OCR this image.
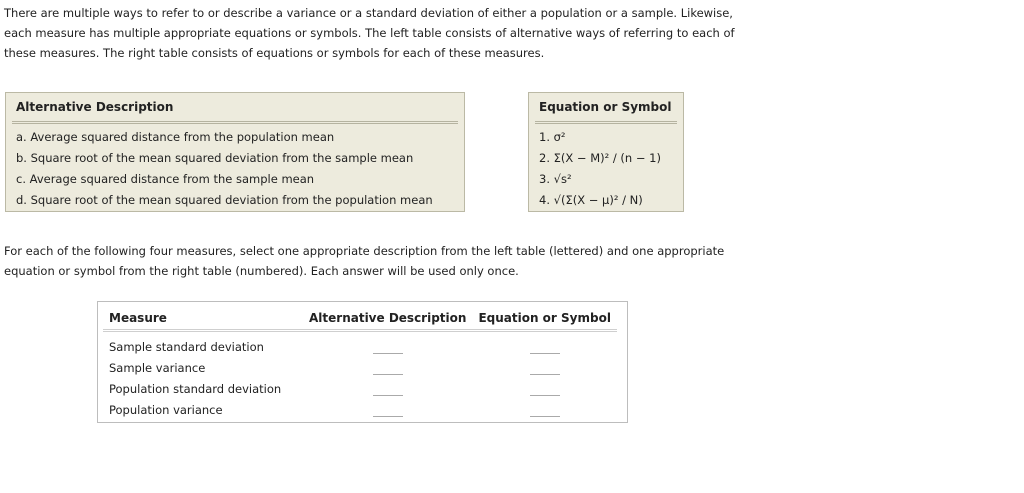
There are multiple ways to refer to or describe a variance or a standard deviation of either a population or a sample. Likewise, each measure has multiple appropriate equations or symbols. The left table consists of alternative ways of referring to each of these measures. The right table consists of equations or symbols for each of these measures.

Alternative Description
a. Average squared distance from the population mean
b. Square root of the mean squared deviation from the sample mean
c. Average squared distance from the sample mean
d. Square root of the mean squared deviation from the population mean
Equation or Symbol
1. σ²
2. Σ(X − M)² / (n − 1)
3. √s²
4. √(Σ(X − μ)² / N)

For each of the following four measures, select one appropriate description from the left table (lettered) and one appropriate equation or symbol from the right table (numbered). Each answer will be used only once.

Measure	Alternative Description	Equation or Symbol
Sample standard deviation		
Sample variance		
Population standard deviation		
Population variance		
